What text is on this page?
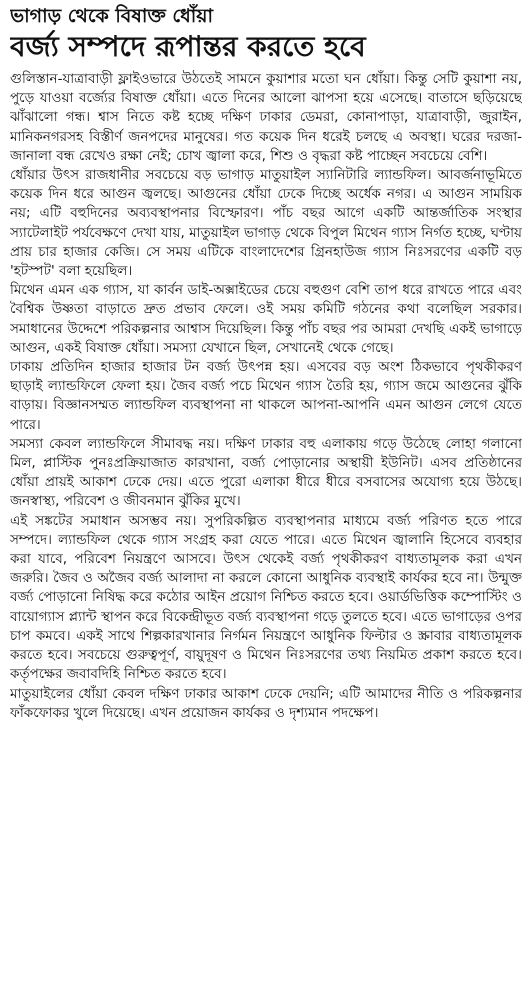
ভাগাড় থেকে বিষাক্ত ধোঁয়া
বর্জ্য সম্পদে রূপান্তর করতে হবে

গুলিস্তান-যাত্রাবাড়ী ফ্লাইওভারে উঠতেই সামনে কুয়াশার মতো ঘন ধোঁয়া। কিন্তু সেটি কুয়াশা নয়, পুড়ে যাওয়া বর্জ্যের বিষাক্ত ধোঁয়া। এতে দিনের আলো ঝাপসা হয়ে এসেছে। বাতাসে ছড়িয়েছে ঝাঁঝালো গন্ধ। শ্বাস নিতে কষ্ট হচ্ছে দক্ষিণ ঢাকার ডেমরা, কোনাপাড়া, যাত্রাবাড়ী, জুরাইন, মানিকনগরসহ বিস্তীর্ণ জনপদের মানুষের। গত কয়েক দিন ধরেই চলছে এ অবস্থা। ঘরের দরজা-জানালা বন্ধ রেখেও রক্ষা নেই; চোখ জ্বালা করে, শিশু ও বৃদ্ধরা কষ্ট পাচ্ছেন সবচেয়ে বেশি।

ধোঁয়ার উৎস রাজধানীর সবচেয়ে বড় ভাগাড় মাতুয়াইল স্যানিটারি ল্যান্ডফিল। আবর্জনাভূমিতে কয়েক দিন ধরে আগুন জ্বলছে। আগুনের ধোঁয়া ঢেকে দিচ্ছে অর্ধেক নগর। এ আগুন সাময়িক নয়; এটি বহুদিনের অব্যবস্থাপনার বিস্ফোরণ। পাঁচ বছর আগে একটি আন্তর্জাতিক সংস্থার স্যাটেলাইট পর্যবেক্ষণে দেখা যায়, মাতুয়াইল ভাগাড় থেকে বিপুল মিথেন গ্যাস নির্গত হচ্ছে, ঘণ্টায় প্রায় চার হাজার কেজি। সে সময় এটিকে বাংলাদেশের গ্রিনহাউজ গ্যাস নিঃসরণের একটি বড় 'হটস্পট' বলা হয়েছিল।

মিথেন এমন এক গ্যাস, যা কার্বন ডাই-অক্সাইডের চেয়ে বহুগুণ বেশি তাপ ধরে রাখতে পারে এবং বৈশ্বিক উষ্ণতা বাড়াতে দ্রুত প্রভাব ফেলে। ওই সময় কমিটি গঠনের কথা বলেছিল সরকার। সমাধানের উদ্দেশে পরিকল্পনার আশ্বাস দিয়েছিল। কিন্তু পাঁচ বছর পর আমরা দেখছি একই ভাগাড়ে আগুন, একই বিষাক্ত ধোঁয়া। সমস্যা যেখানে ছিল, সেখানেই থেকে গেছে।

ঢাকায় প্রতিদিন হাজার হাজার টন বর্জ্য উৎপন্ন হয়। এসবের বড় অংশ ঠিকভাবে পৃথকীকরণ ছাড়াই ল্যান্ডফিলে ফেলা হয়। জৈব বর্জ্য পচে মিথেন গ্যাস তৈরি হয়, গ্যাস জমে আগুনের ঝুঁকি বাড়ায়। বিজ্ঞানসম্মত ল্যান্ডফিল ব্যবস্থাপনা না থাকলে আপনা-আপনি এমন আগুন লেগে যেতে পারে।

সমস্যা কেবল ল্যান্ডফিলে সীমাবদ্ধ নয়। দক্ষিণ ঢাকার বহু এলাকায় গড়ে উঠেছে লোহা গলানো মিল, প্লাস্টিক পুনঃপ্রক্রিয়াজাত কারখানা, বর্জ্য পোড়ানোর অস্থায়ী ইউনিট। এসব প্রতিষ্ঠানের ধোঁয়া প্রায়ই আকাশ ঢেকে দেয়। এতে পুরো এলাকা ধীরে ধীরে বসবাসের অযোগ্য হয়ে উঠছে। জনস্বাস্থ্য, পরিবেশ ও জীবনমান ঝুঁকির মুখে।

এই সঙ্কটের সমাধান অসম্ভব নয়। সুপরিকল্পিত ব্যবস্থাপনার মাধ্যমে বর্জ্য পরিণত হতে পারে সম্পদে। ল্যান্ডফিল থেকে গ্যাস সংগ্রহ করা যেতে পারে। এতে মিথেন জ্বালানি হিসেবে ব্যবহার করা যাবে, পরিবেশ নিয়ন্ত্রণে আসবে। উৎস থেকেই বর্জ্য পৃথকীকরণ বাধ্যতামূলক করা এখন জরুরি। জৈব ও অজৈব বর্জ্য আলাদা না করলে কোনো আধুনিক ব্যবস্থাই কার্যকর হবে না। উন্মুক্ত বর্জ্য পোড়ানো নিষিদ্ধ করে কঠোর আইন প্রয়োগ নিশ্চিত করতে হবে। ওয়ার্ডভিত্তিক কম্পোস্টিং ও বায়োগ্যাস প্ল্যান্ট স্থাপন করে বিকেন্দ্রীভূত বর্জ্য ব্যবস্থাপনা গড়ে তুলতে হবে। এতে ভাগাড়ের ওপর চাপ কমবে। একই সাথে শিল্পকারখানার নির্গমন নিয়ন্ত্রণে আধুনিক ফিল্টার ও স্ক্রাবার বাধ্যতামূলক করতে হবে। সবচেয়ে গুরুত্বপূর্ণ, বায়ুদূষণ ও মিথেন নিঃসরণের তথ্য নিয়মিত প্রকাশ করতে হবে। কর্তৃপক্ষের জবাবদিহি নিশ্চিত করতে হবে।

মাতুয়াইলের ধোঁয়া কেবল দক্ষিণ ঢাকার আকাশ ঢেকে দেয়নি; এটি আমাদের নীতি ও পরিকল্পনার ফাঁকফোকর খুলে দিয়েছে। এখন প্রয়োজন কার্যকর ও দৃশ্যমান পদক্ষেপ।
